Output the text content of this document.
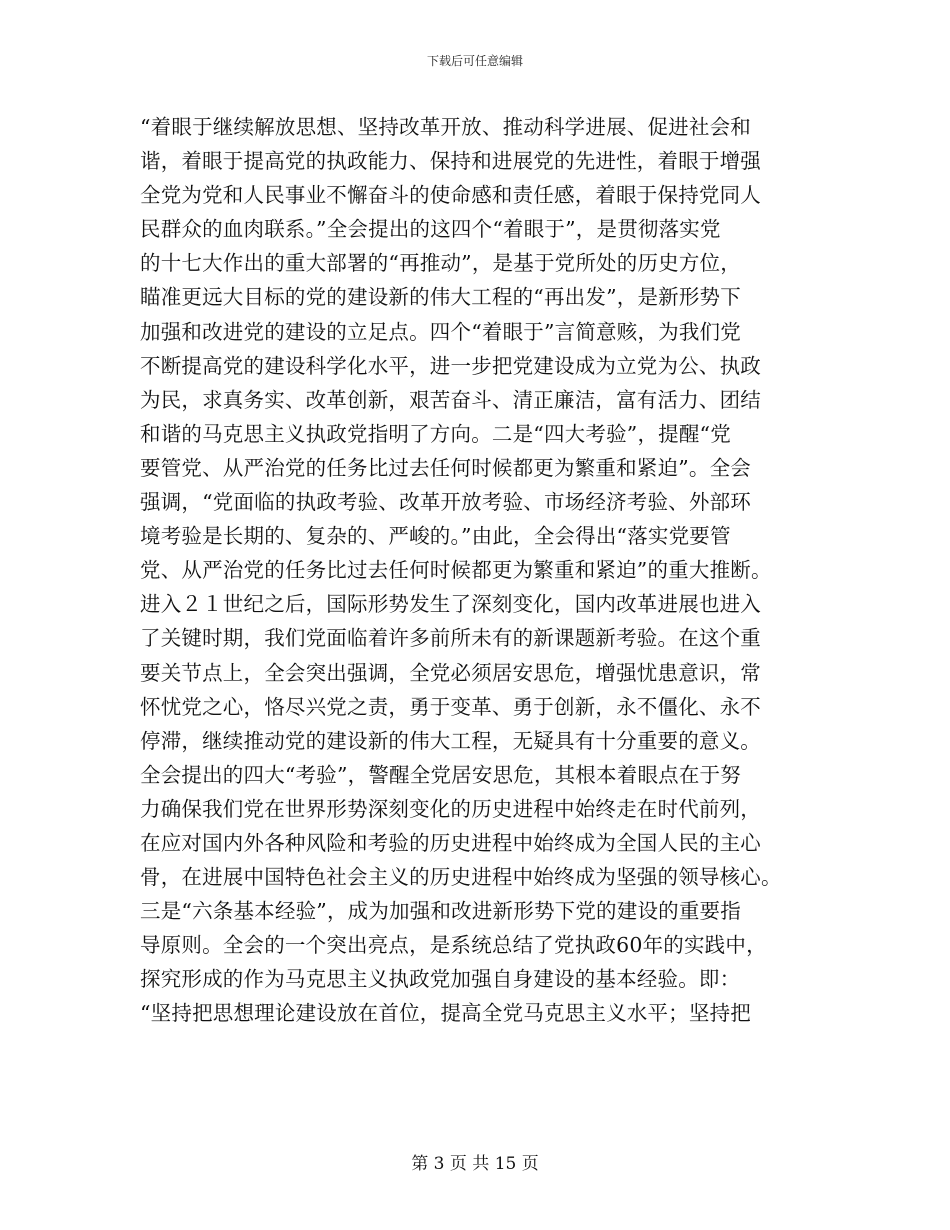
下载后可任意编辑
“着眼于继续解放思想、坚持改革开放、推动科学进展、促进社会和
谐，着眼于提高党的执政能力、保持和进展党的先进性，着眼于增强
全党为党和人民事业不懈奋斗的使命感和责任感，着眼于保持党同人
民群众的血肉联系。”全会提出的这四个“着眼于”，是贯彻落实党
的十七大作出的重大部署的“再推动”，是基于党所处的历史方位，
瞄准更远大目标的党的建设新的伟大工程的“再出发”，是新形势下
加强和改进党的建设的立足点。四个“着眼于”言简意赅，为我们党
不断提高党的建设科学化水平，进一步把党建设成为立党为公、执政
为民，求真务实、改革创新，艰苦奋斗、清正廉洁，富有活力、团结
和谐的马克思主义执政党指明了方向。二是“四大考验”，提醒“党
要管党、从严治党的任务比过去任何时候都更为繁重和紧迫”。全会
强调，“党面临的执政考验、改革开放考验、市场经济考验、外部环
境考验是长期的、复杂的、严峻的。”由此，全会得出“落实党要管
党、从严治党的任务比过去任何时候都更为繁重和紧迫”的重大推断。
进入２１世纪之后，国际形势发生了深刻变化，国内改革进展也进入
了关键时期，我们党面临着许多前所未有的新课题新考验。在这个重
要关节点上，全会突出强调，全党必须居安思危，增强忧患意识，常
怀忧党之心，恪尽兴党之责，勇于变革、勇于创新，永不僵化、永不
停滞，继续推动党的建设新的伟大工程，无疑具有十分重要的意义。
全会提出的四大“考验”，警醒全党居安思危，其根本着眼点在于努
力确保我们党在世界形势深刻变化的历史进程中始终走在时代前列，
在应对国内外各种风险和考验的历史进程中始终成为全国人民的主心
骨，在进展中国特色社会主义的历史进程中始终成为坚强的领导核心。
三是“六条基本经验”，成为加强和改进新形势下党的建设的重要指
导原则。全会的一个突出亮点，是系统总结了党执政60年的实践中，
探究形成的作为马克思主义执政党加强自身建设的基本经验。即：
“坚持把思想理论建设放在首位，提高全党马克思主义水平；坚持把
第 3 页 共 15 页
